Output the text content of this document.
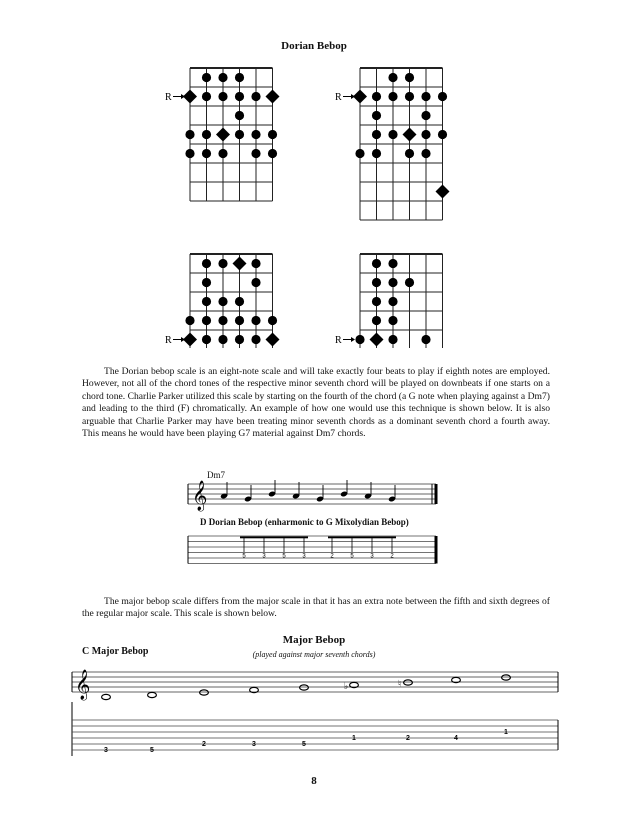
Dorian Bebop
R	R
R	R
The Dorian bebop scale is an eight-note scale and will take exactly four beats to play if eighth notes are employed. However, not all of the chord tones of the respective minor seventh chord will be played on downbeats if one starts on a chord tone. Charlie Parker utilized this scale by starting on the fourth of the chord (a G note when playing against a Dm7) and leading to the third (F) chromatically. An example of how one would use this technique is shown below. It is also arguable that Charlie Parker may have been treating minor seventh chords as a dominant seventh chord a fourth away. This means he would have been playing G7 material against Dm7 chords.
Dm7
𝄞
5	3	5	3	2	5	3	2
D Dorian Bebop (enharmonic to G Mixolydian Bebop)
The major bebop scale differs from the major scale in that it has an extra note between the fifth and sixth degrees of the regular major scale. This scale is shown below.
C Major Bebop
Major Bebop
(played against major seventh chords)
𝄞	♭	♮
3	5
2	3	5
1	2	4
1
8
